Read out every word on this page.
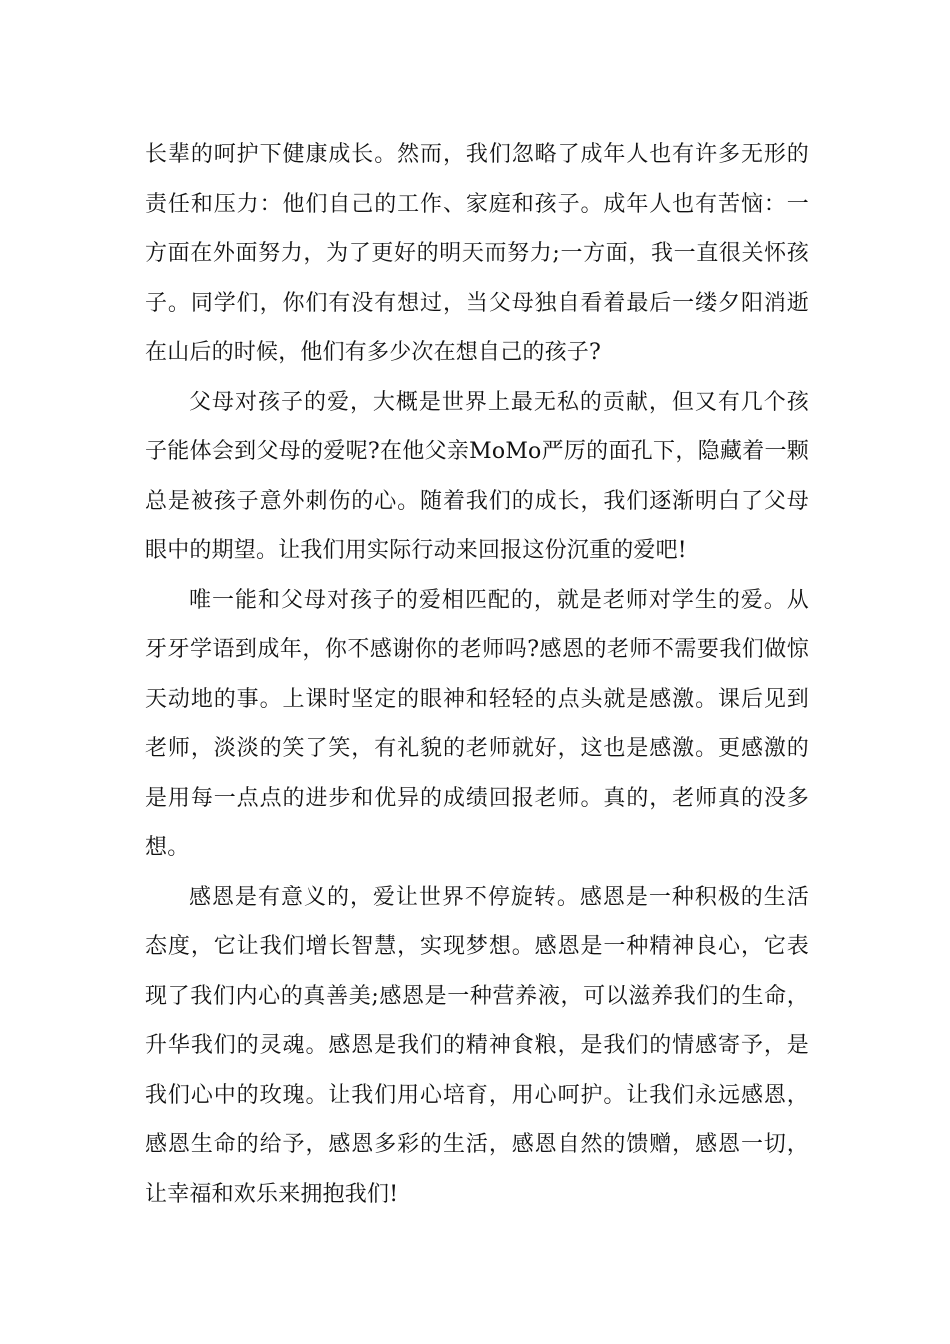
长辈的呵护下健康成长。然而，我们忽略了成年人也有许多无形的责任和压力：他们自己的工作、家庭和孩子。成年人也有苦恼：一方面在外面努力，为了更好的明天而努力;一方面，我一直很关怀孩子。同学们，你们有没有想过，当父母独自看着最后一缕夕阳消逝在山后的时候，他们有多少次在想自己的孩子?

父母对孩子的爱，大概是世界上最无私的贡献，但又有几个孩子能体会到父母的爱呢?在他父亲MoMo严厉的面孔下，隐藏着一颗总是被孩子意外刺伤的心。随着我们的成长，我们逐渐明白了父母眼中的期望。让我们用实际行动来回报这份沉重的爱吧!

唯一能和父母对孩子的爱相匹配的，就是老师对学生的爱。从牙牙学语到成年，你不感谢你的老师吗?感恩的老师不需要我们做惊天动地的事。上课时坚定的眼神和轻轻的点头就是感激。课后见到老师，淡淡的笑了笑，有礼貌的老师就好，这也是感激。更感激的是用每一点点的进步和优异的成绩回报老师。真的，老师真的没多想。

感恩是有意义的，爱让世界不停旋转。感恩是一种积极的生活态度，它让我们增长智慧，实现梦想。感恩是一种精神良心，它表现了我们内心的真善美;感恩是一种营养液，可以滋养我们的生命，升华我们的灵魂。感恩是我们的精神食粮，是我们的情感寄予，是我们心中的玫瑰。让我们用心培育，用心呵护。让我们永远感恩，感恩生命的给予，感恩多彩的生活，感恩自然的馈赠，感恩一切，让幸福和欢乐来拥抱我们!
